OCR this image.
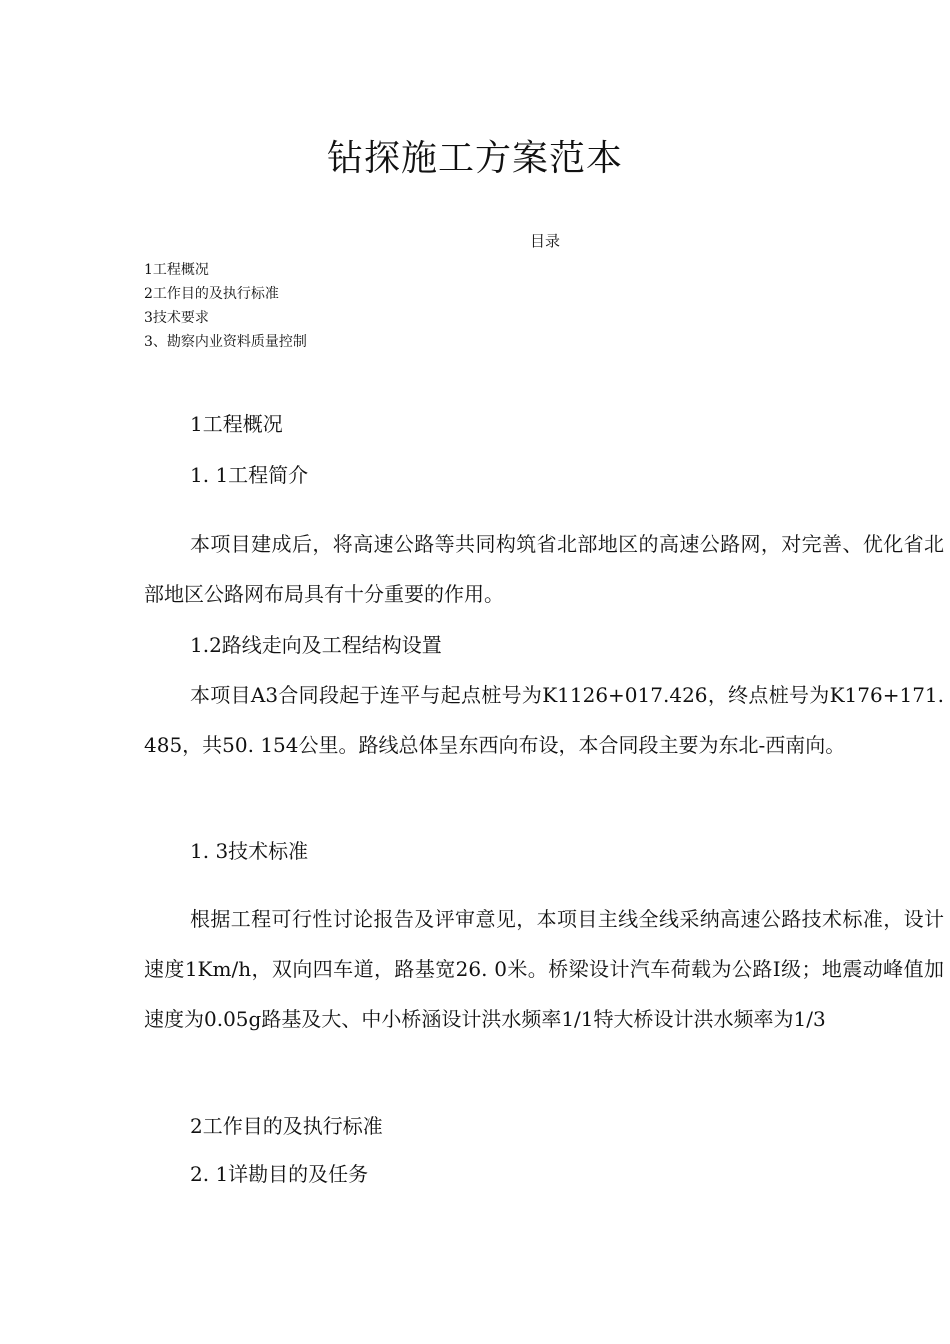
钻探施工方案范本
目录
1工程概况
2工作目的及执行标准
3技术要求
3、勘察内业资料质量控制
1工程概况
1. 1工程简介

本项目建成后，将高速公路等共同构筑省北部地区的高速公路网，对完善、优化省北部地区公路网布局具有十分重要的作用。

1.2路线走向及工程结构设置

本项目A3合同段起于连平与起点桩号为K1126+017.426，终点桩号为K176+171. 485，共50. 154公里。路线总体呈东西向布设，本合同段主要为东北-西南向。

1. 3技术标准

根据工程可行性讨论报告及评审意见，本项目主线全线采纳高速公路技术标准，设计速度1Km/h，双向四车道，路基宽26. 0米。桥梁设计汽车荷载为公路Ⅰ级；地震动峰值加速度为0.05g路基及大、中小桥涵设计洪水频率1/1特大桥设计洪水频率为1/3

2工作目的及执行标准
2. 1详勘目的及任务
